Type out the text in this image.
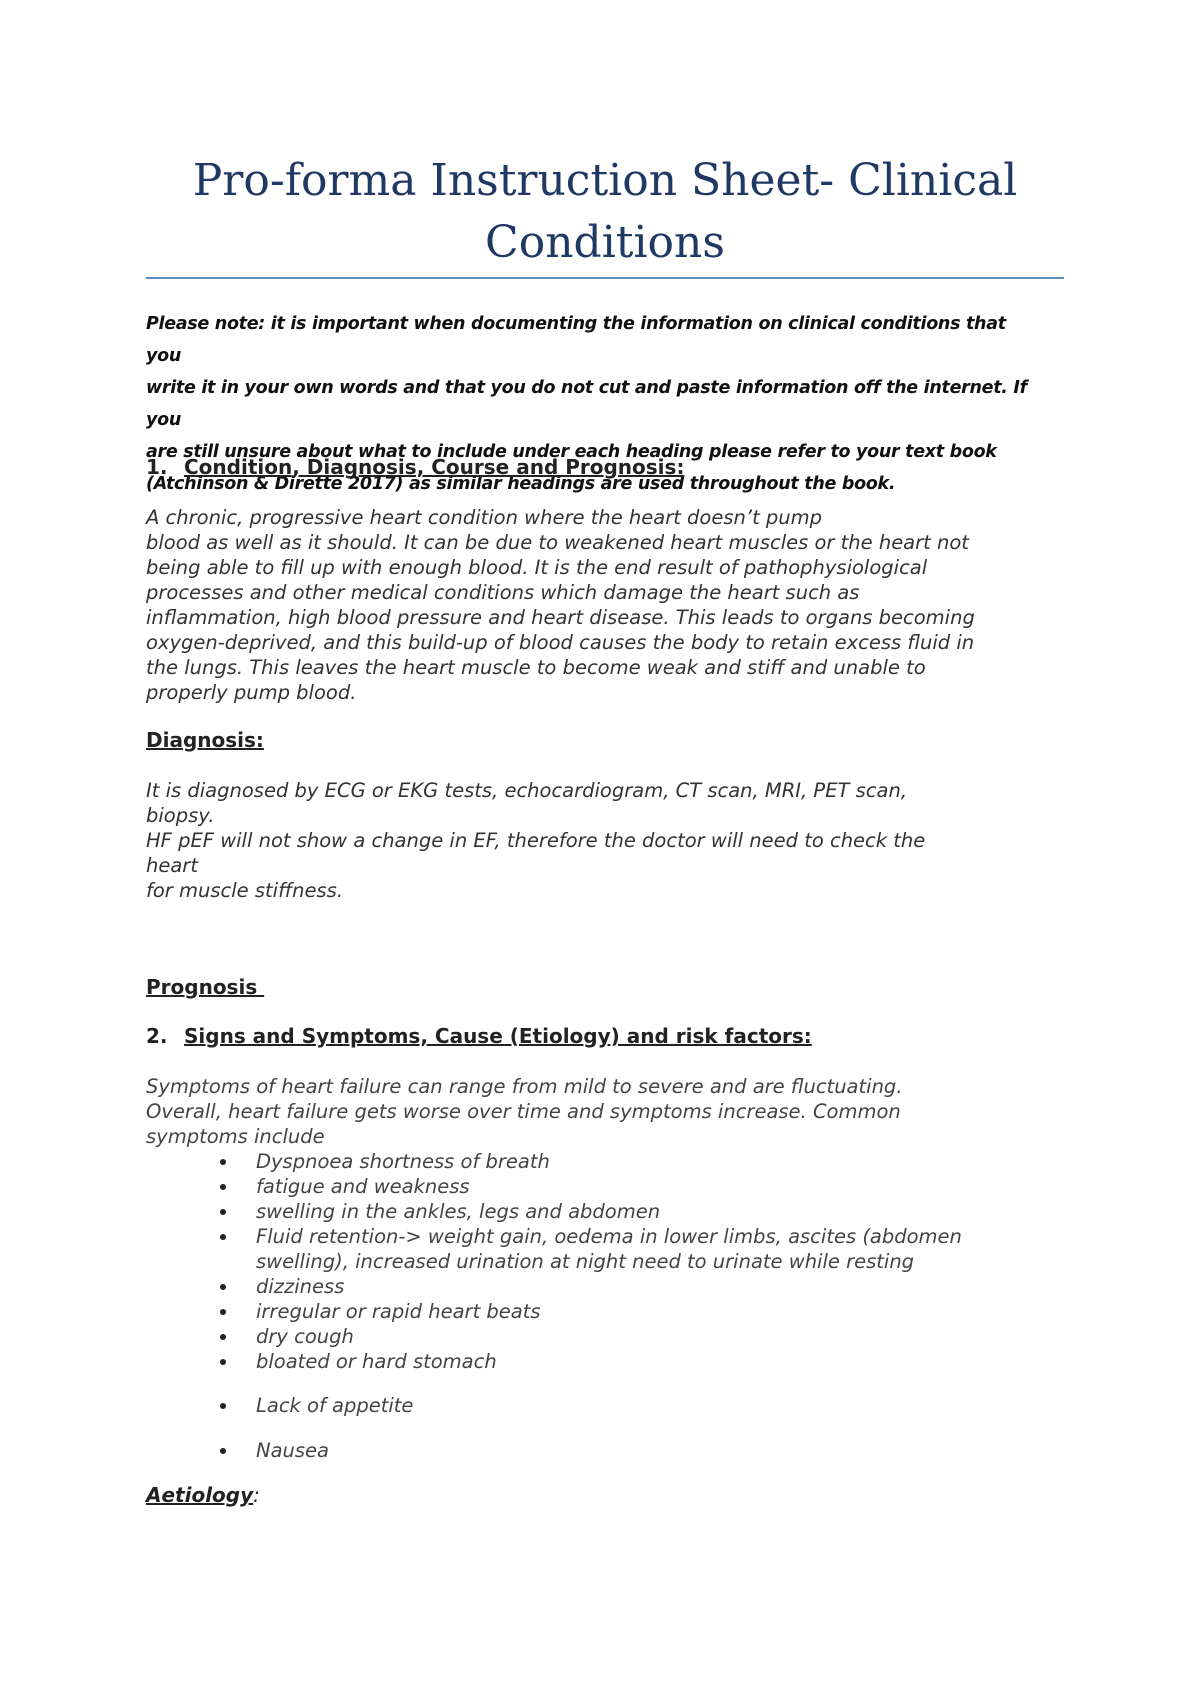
Pro-forma Instruction Sheet- Clinical Conditions
Please note: it is important when documenting the information on clinical conditions that you
write it in your own words and that you do not cut and paste information off the internet. If you
are still unsure about what to include under each heading please refer to your text book
(Atchinson & Dirette 2017) as similar headings are used throughout the book.
1. Condition, Diagnosis, Course and Prognosis:
A chronic, progressive heart condition where the heart doesn’t pump
blood as well as it should. It can be due to weakened heart muscles or the heart not
being able to fill up with enough blood. It is the end result of pathophysiological
processes and other medical conditions which damage the heart such as
inflammation, high blood pressure and heart disease. This leads to organs becoming
oxygen-deprived, and this build-up of blood causes the body to retain excess fluid in
the lungs. This leaves the heart muscle to become weak and stiff and unable to
properly pump blood.
Diagnosis:
It is diagnosed by ECG or EKG tests, echocardiogram, CT scan, MRI, PET scan,
biopsy.
HF pEF will not show a change in EF, therefore the doctor will need to check the
heart
for muscle stiffness.
Prognosis
2. Signs and Symptoms, Cause (Etiology) and risk factors:
Symptoms of heart failure can range from mild to severe and are fluctuating.
Overall, heart failure gets worse over time and symptoms increase. Common
symptoms include
Dyspnoea shortness of breath
fatigue and weakness
swelling in the ankles, legs and abdomen
Fluid retention-> weight gain, oedema in lower limbs, ascites (abdomen
swelling), increased urination at night need to urinate while resting
dizziness
irregular or rapid heart beats
dry cough
bloated or hard stomach
Lack of appetite
Nausea
Aetiology:
